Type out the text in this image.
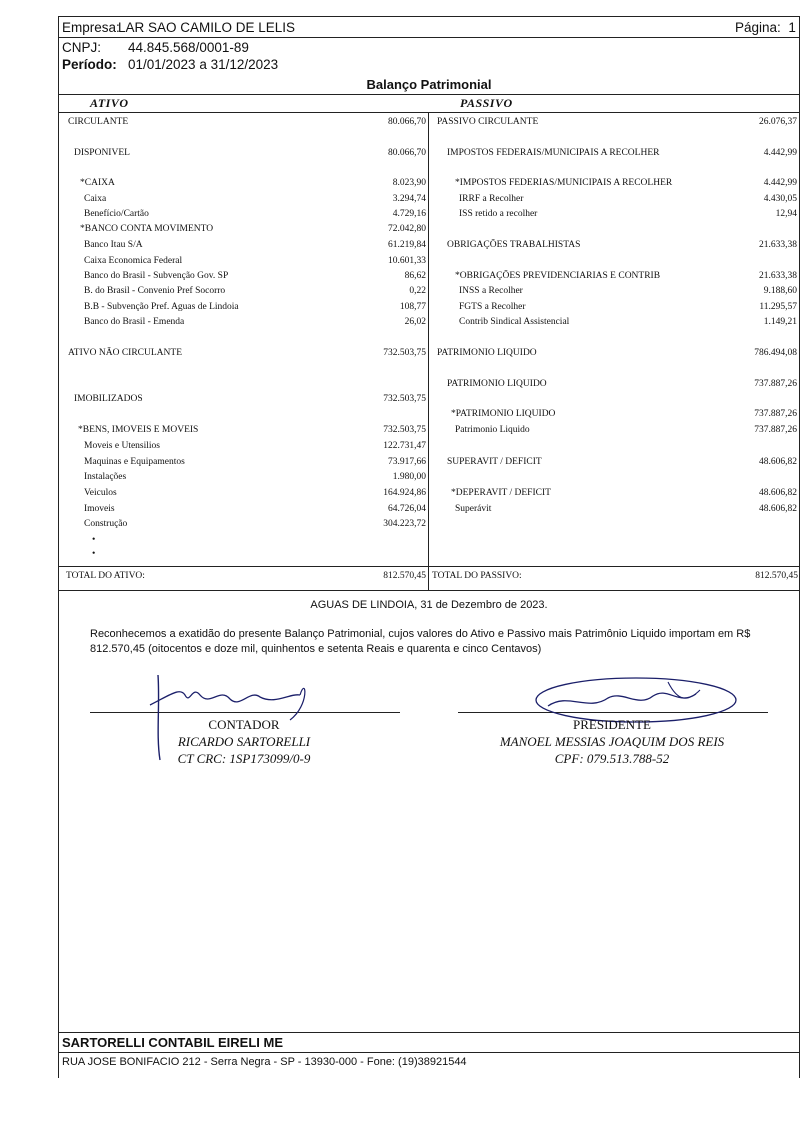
Empresa:
LAR SAO CAMILO DE LELIS	Página: 1
CNPJ: 44.845.568/0001-89
Período: 01/01/2023 a 31/12/2023
Balanço Patrimonial
ATIVO	PASSIVO
CIRCULANTE	80.066,70
DISPONIVEL	80.066,70
*CAIXA	8.023,90
Caixa	3.294,74
Benefício/Cartão	4.729,16
*BANCO CONTA MOVIMENTO	72.042,80
Banco Itau S/A	61.219,84
Caixa Economica Federal	10.601,33
Banco do Brasil - Subvenção Gov. SP	86,62
B. do Brasil - Convenio Pref Socorro	0,22
B.B - Subvenção Pref. Aguas de Lindoia	108,77
Banco do Brasil - Emenda	26,02
ATIVO NÃO CIRCULANTE	732.503,75
IMOBILIZADOS	732.503,75
*BENS, IMOVEIS E MOVEIS	732.503,75
Moveis e Utensilios	122.731,47
Maquinas e Equipamentos	73.917,66
Instalações	1.980,00
Veiculos	164.924,86
Imoveis	64.726,04
Construção	304.223,72
•
•
PASSIVO CIRCULANTE	26.076,37
IMPOSTOS FEDERAIS/MUNICIPAIS A RECOLHER	4.442,99
*IMPOSTOS FEDERIAS/MUNICIPAIS A RECOLHER	4.442,99
IRRF a Recolher	4.430,05
ISS retido a recolher	12,94
OBRIGAÇÕES TRABALHISTAS	21.633,38
*OBRIGAÇÕES PREVIDENCIARIAS E CONTRIB	21.633,38
INSS a Recolher	9.188,60
FGTS a Recolher	11.295,57
Contrib Sindical Assistencial	1.149,21
PATRIMONIO LIQUIDO	786.494,08
PATRIMONIO LIQUIDO	737.887,26
*PATRIMONIO LIQUIDO	737.887,26
Patrimonio Liquido	737.887,26
SUPERAVIT / DEFICIT	48.606,82
*DEPERAVIT / DEFICIT	48.606,82
Superávit	48.606,82
TOTAL DO ATIVO:	812.570,45 TOTAL DO PASSIVO:	812.570,45
AGUAS DE LINDOIA, 31 de Dezembro de 2023.
Reconhecemos a exatidão do presente Balanço Patrimonial, cujos valores do Ativo e Passivo mais Patrimônio Liquido importam em R$ 812.570,45 (oitocentos e doze mil, quinhentos e setenta Reais e quarenta e cinco Centavos)
CONTADOR
RICARDO SARTORELLI
CT CRC: 1SP173099/0-9
PRESIDENTE
MANOEL MESSIAS JOAQUIM DOS REIS
CPF: 079.513.788-52
SARTORELLI CONTABIL EIRELI ME
RUA JOSE BONIFACIO 212 - Serra Negra - SP - 13930-000 - Fone: (19)38921544
